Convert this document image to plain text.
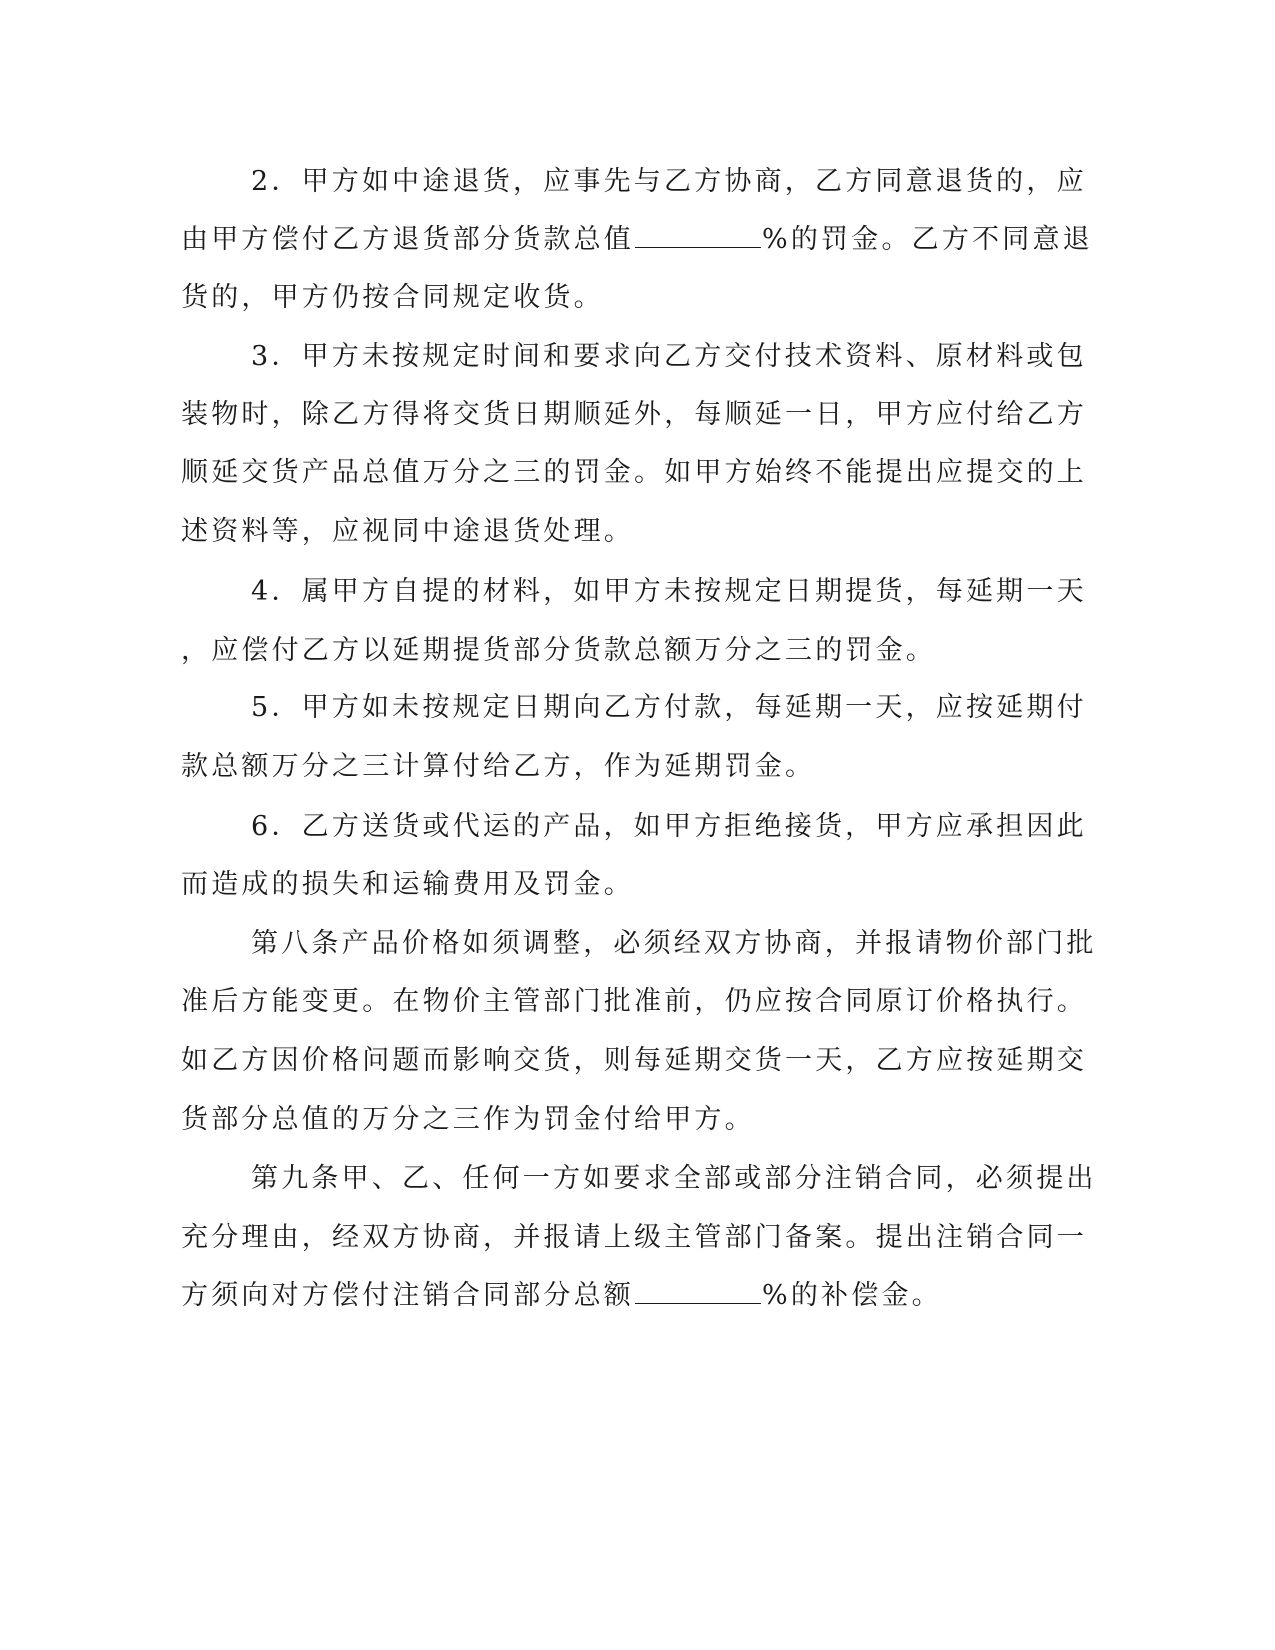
2．甲方如中途退货，应事先与乙方协商，乙方同意退货的，应
由甲方偿付乙方退货部分货款总值	%的罚金。乙方不同意退
货的，甲方仍按合同规定收货。
3．甲方未按规定时间和要求向乙方交付技术资料、原材料或包
装物时，除乙方得将交货日期顺延外，每顺延一日，甲方应付给乙方
顺延交货产品总值万分之三的罚金。如甲方始终不能提出应提交的上
述资料等，应视同中途退货处理。
4．属甲方自提的材料，如甲方未按规定日期提货，每延期一天
，应偿付乙方以延期提货部分货款总额万分之三的罚金。
5．甲方如未按规定日期向乙方付款，每延期一天，应按延期付
款总额万分之三计算付给乙方，作为延期罚金。
6．乙方送货或代运的产品，如甲方拒绝接货，甲方应承担因此
而造成的损失和运输费用及罚金。
第八条产品价格如须调整，必须经双方协商，并报请物价部门批
准后方能变更。在物价主管部门批准前，仍应按合同原订价格执行。
如乙方因价格问题而影响交货，则每延期交货一天，乙方应按延期交
货部分总值的万分之三作为罚金付给甲方。
第九条甲、乙、任何一方如要求全部或部分注销合同，必须提出
充分理由，经双方协商，并报请上级主管部门备案。提出注销合同一
方须向对方偿付注销合同部分总额	%的补偿金。
